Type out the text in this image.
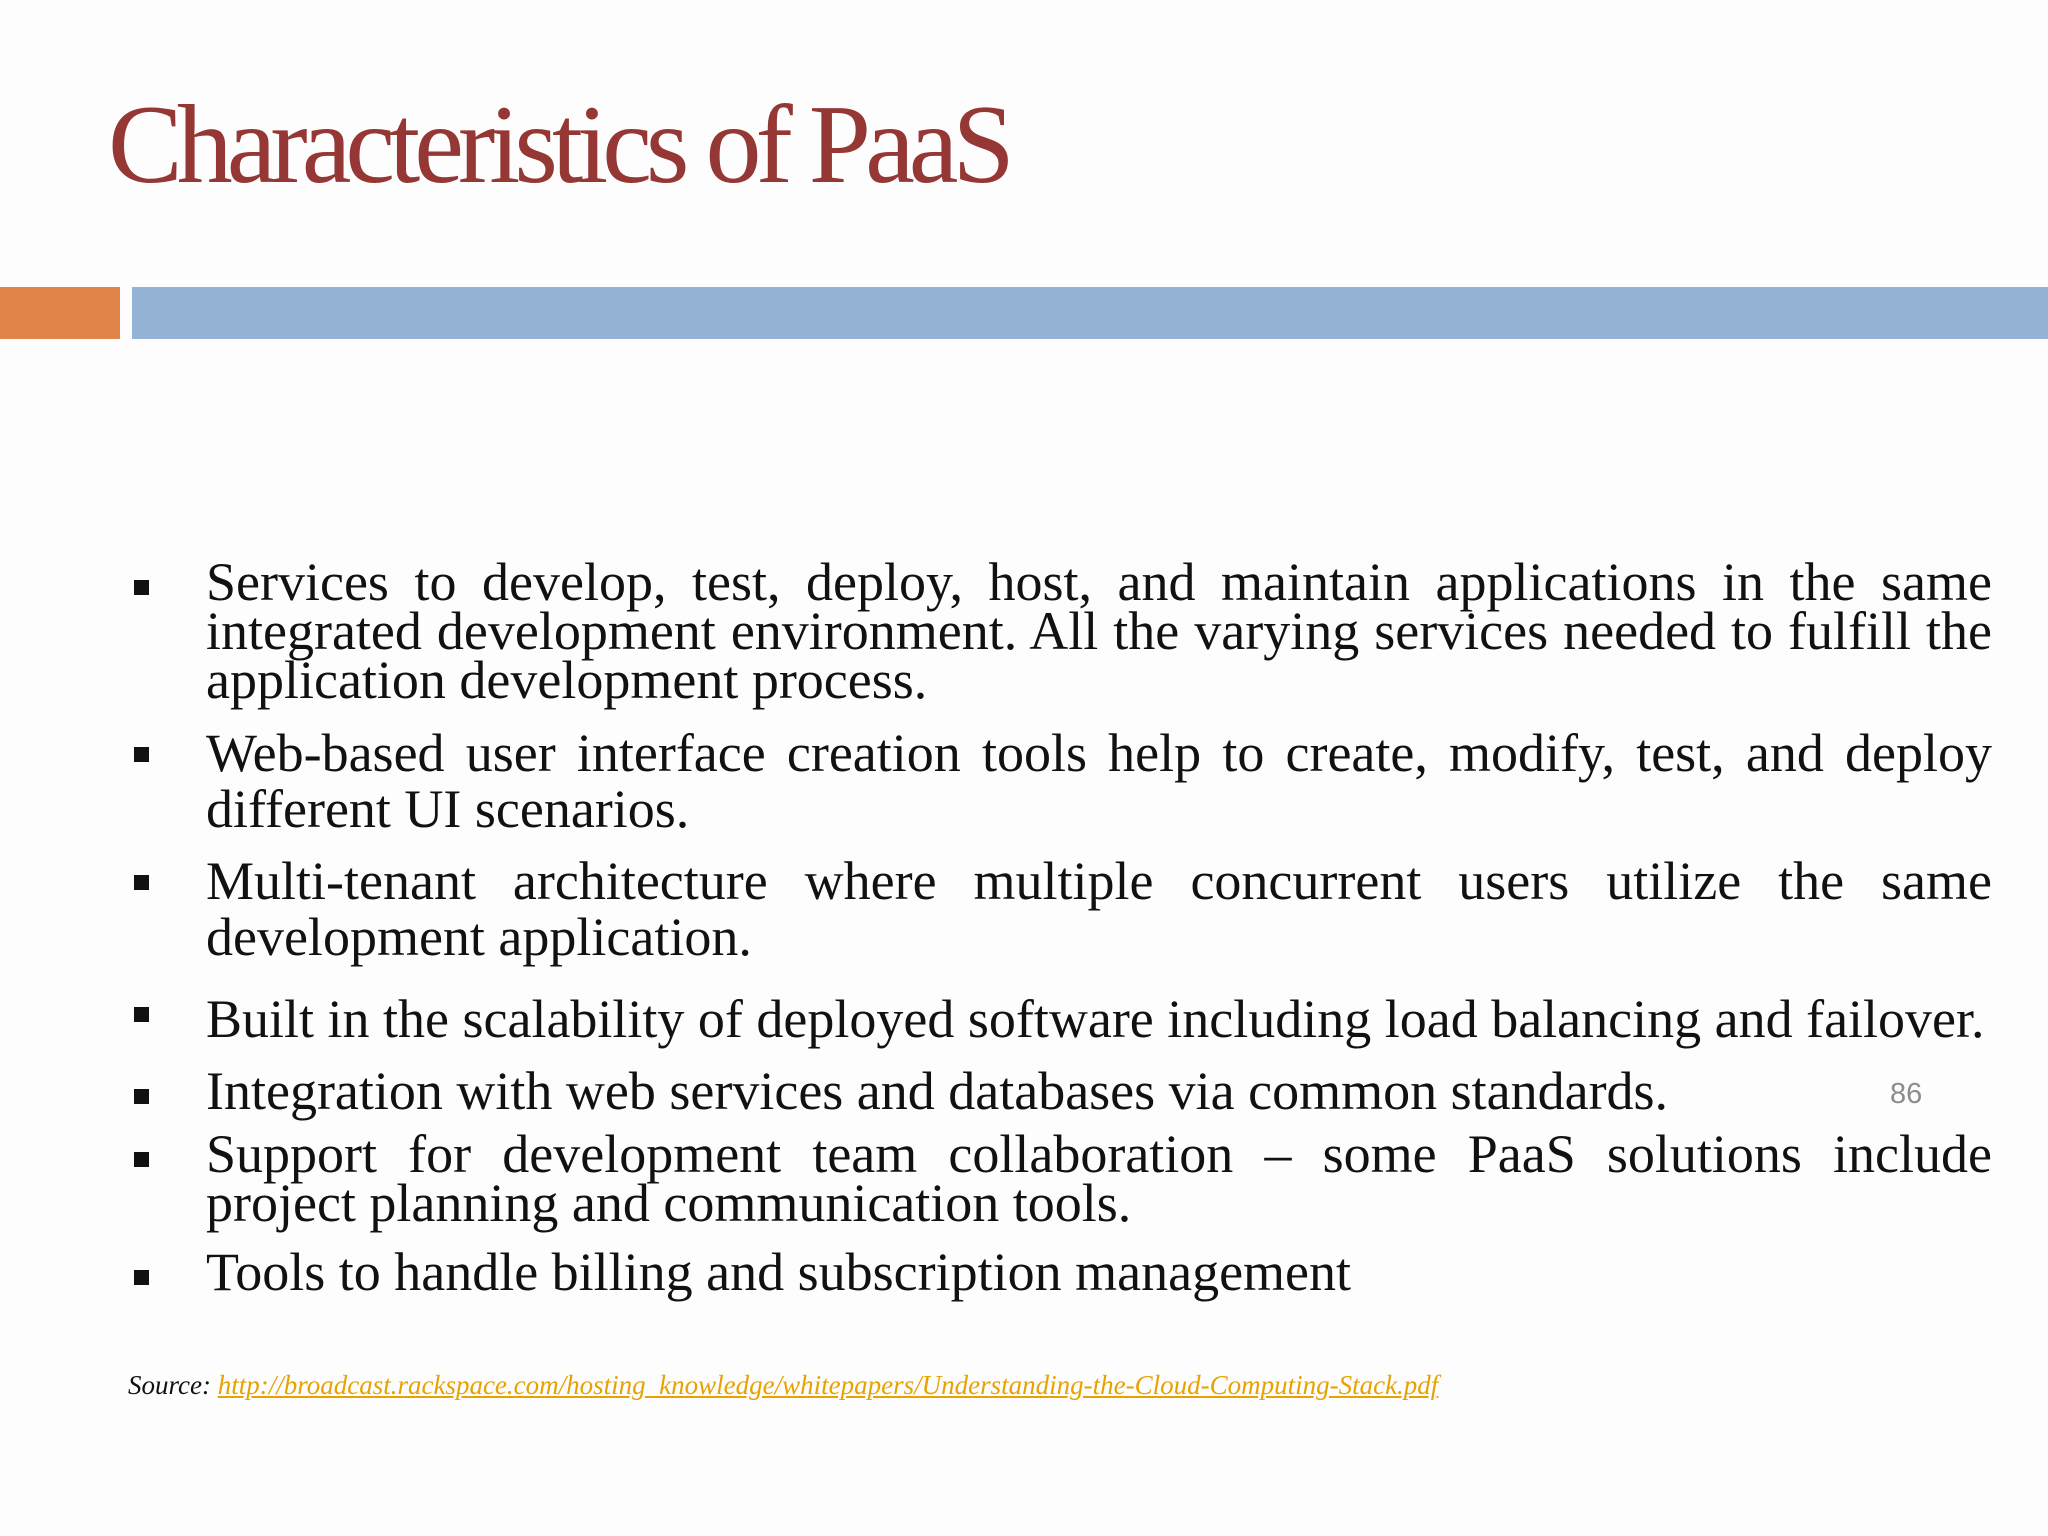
Characteristics of PaaS
Services to develop, test, deploy, host, and maintain applications in the same integrated development environment. All the varying services needed to fulfill the application development process.
Web-based user interface creation tools help to create, modify, test, and deploy different UI scenarios.
Multi-tenant architecture where multiple concurrent users utilize the same development application.
Built in the scalability of deployed software including load balancing and failover.
Integration with web services and databases via common standards.
Support for development team collaboration – some PaaS solutions include project planning and communication tools.
Tools to handle billing and subscription management
86
Source: http://broadcast.rackspace.com/hosting_knowledge/whitepapers/Understanding-the-Cloud-Computing-Stack.pdf
